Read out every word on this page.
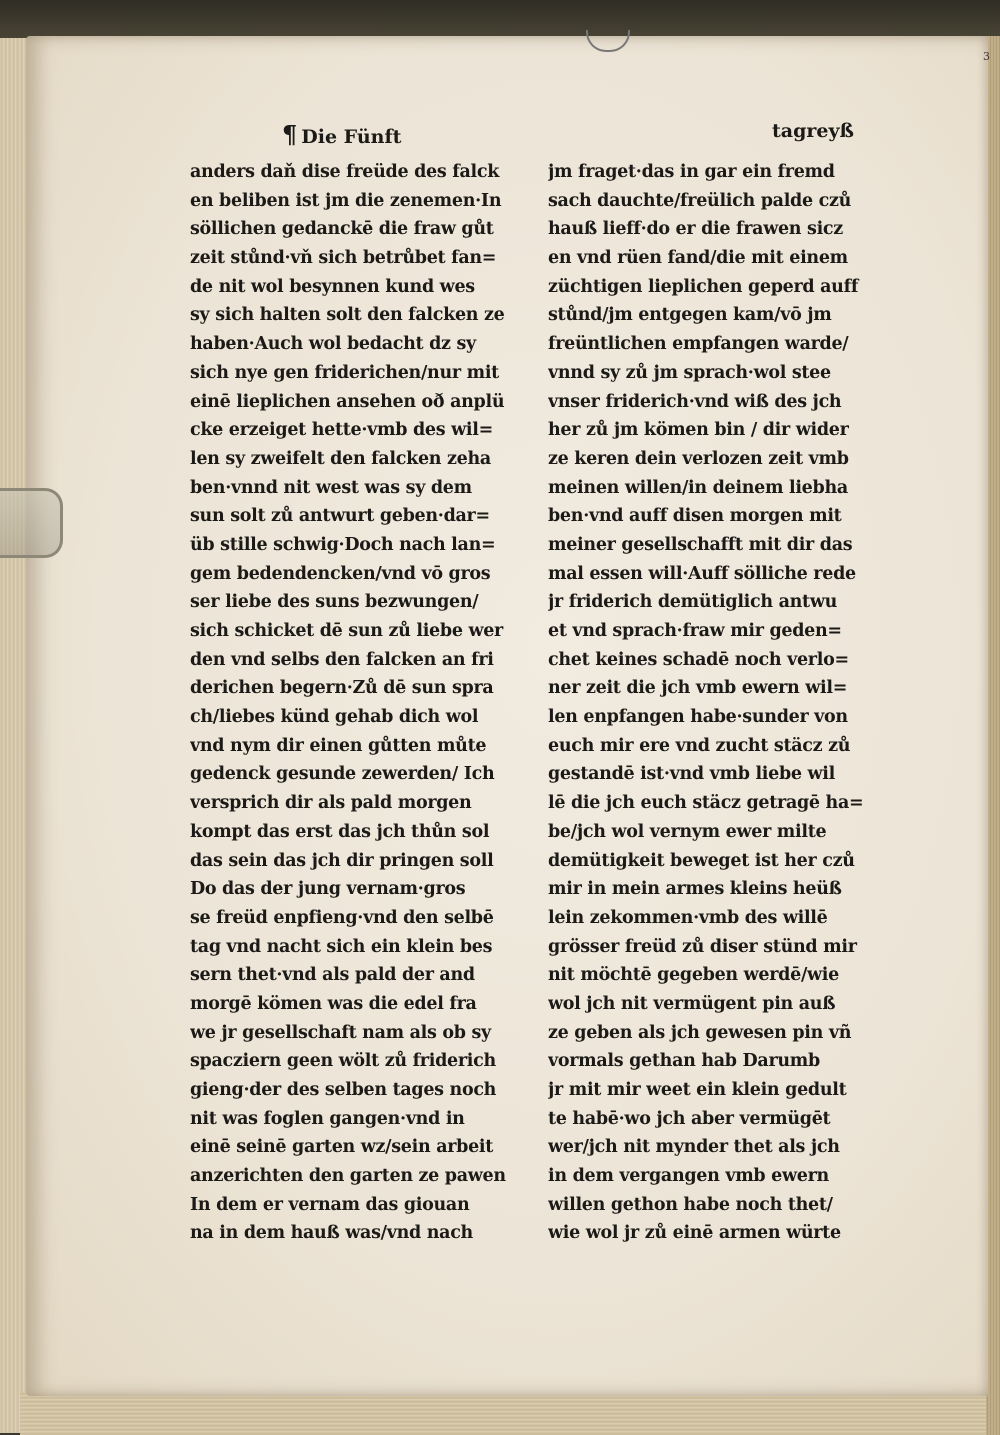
3
¶ Die Fünft	tagreyß
anders daň dise freüde des falck
en beliben ist jm die zenemen·In
söllichen gedanckē die fraw gůt
zeit stůnd·vň sich betrůbet fan=
de nit wol besynnen kund wes
sy sich halten solt den falcken ze
haben·Auch wol bedacht dz sy
sich nye gen friderichen/nur mit
einē lieplichen ansehen oð anplü
cke erzeiget hette·vmb des wil=
len sy zweifelt den falcken zeha
ben·vnnd nit west was sy dem
sun solt zů antwurt geben·dar=
üb stille schwig·Doch nach lan=
gem bedendencken/vnd vō gros
ser liebe des suns bezwungen/
sich schicket dē sun zů liebe wer
den vnd selbs den falcken an fri
derichen begern·Zů dē sun spra
ch/liebes künd gehab dich wol
vnd nym dir einen gůtten můte
gedenck gesunde zewerden/ Ich
versprich dir als pald morgen
kompt das erst das jch thůn sol
das sein das jch dir pringen soll
Do das der jung vernam·gros
se freüd enpfieng·vnd den selbē
tag vnd nacht sich ein klein bes
sern thet·vnd als pald der and
morgē kömen was die edel fra
we jr gesellschaft nam als ob sy
spacziern geen wölt zů friderich
gieng·der des selben tages noch
nit was foglen gangen·vnd in
einē seinē garten wz/sein arbeit
anzerichten den garten ze pawen
In dem er vernam das giouan
na in dem hauß was/vnd nach
jm fraget·das in gar ein fremd
sach dauchte/freülich palde czů
hauß lieff·do er die frawen sicz
en vnd rüen fand/die mit einem
züchtigen lieplichen geperd auff
stůnd/jm entgegen kam/vō jm
freüntlichen empfangen warde/
vnnd sy zů jm sprach·wol stee
vnser friderich·vnd wiß des jch
her zů jm kömen bin / dir wider
ze keren dein verlozen zeit vmb
meinen willen/in deinem liebha
ben·vnd auff disen morgen mit
meiner gesellschafft mit dir das
mal essen will·Auff sölliche rede
jr friderich demütiglich antwu
et vnd sprach·fraw mir geden=
chet keines schadē noch verlo=
ner zeit die jch vmb ewern wil=
len enpfangen habe·sunder von
euch mir ere vnd zucht stäcz zů
gestandē ist·vnd vmb liebe wil
lē die jch euch stäcz getragē ha=
be/jch wol vernym ewer milte
demütigkeit beweget ist her czů
mir in mein armes kleins heüß
lein zekommen·vmb des willē
grösser freüd zů diser stünd mir
nit möchtē gegeben werdē/wie
wol jch nit vermügent pin auß
ze geben als jch gewesen pin vñ
vormals gethan hab Darumb
jr mit mir weet ein klein gedult
te habē·wo jch aber vermügēt
wer/jch nit mynder thet als jch
in dem vergangen vmb ewern
willen gethon habe noch thet/
wie wol jr zů einē armen würte
